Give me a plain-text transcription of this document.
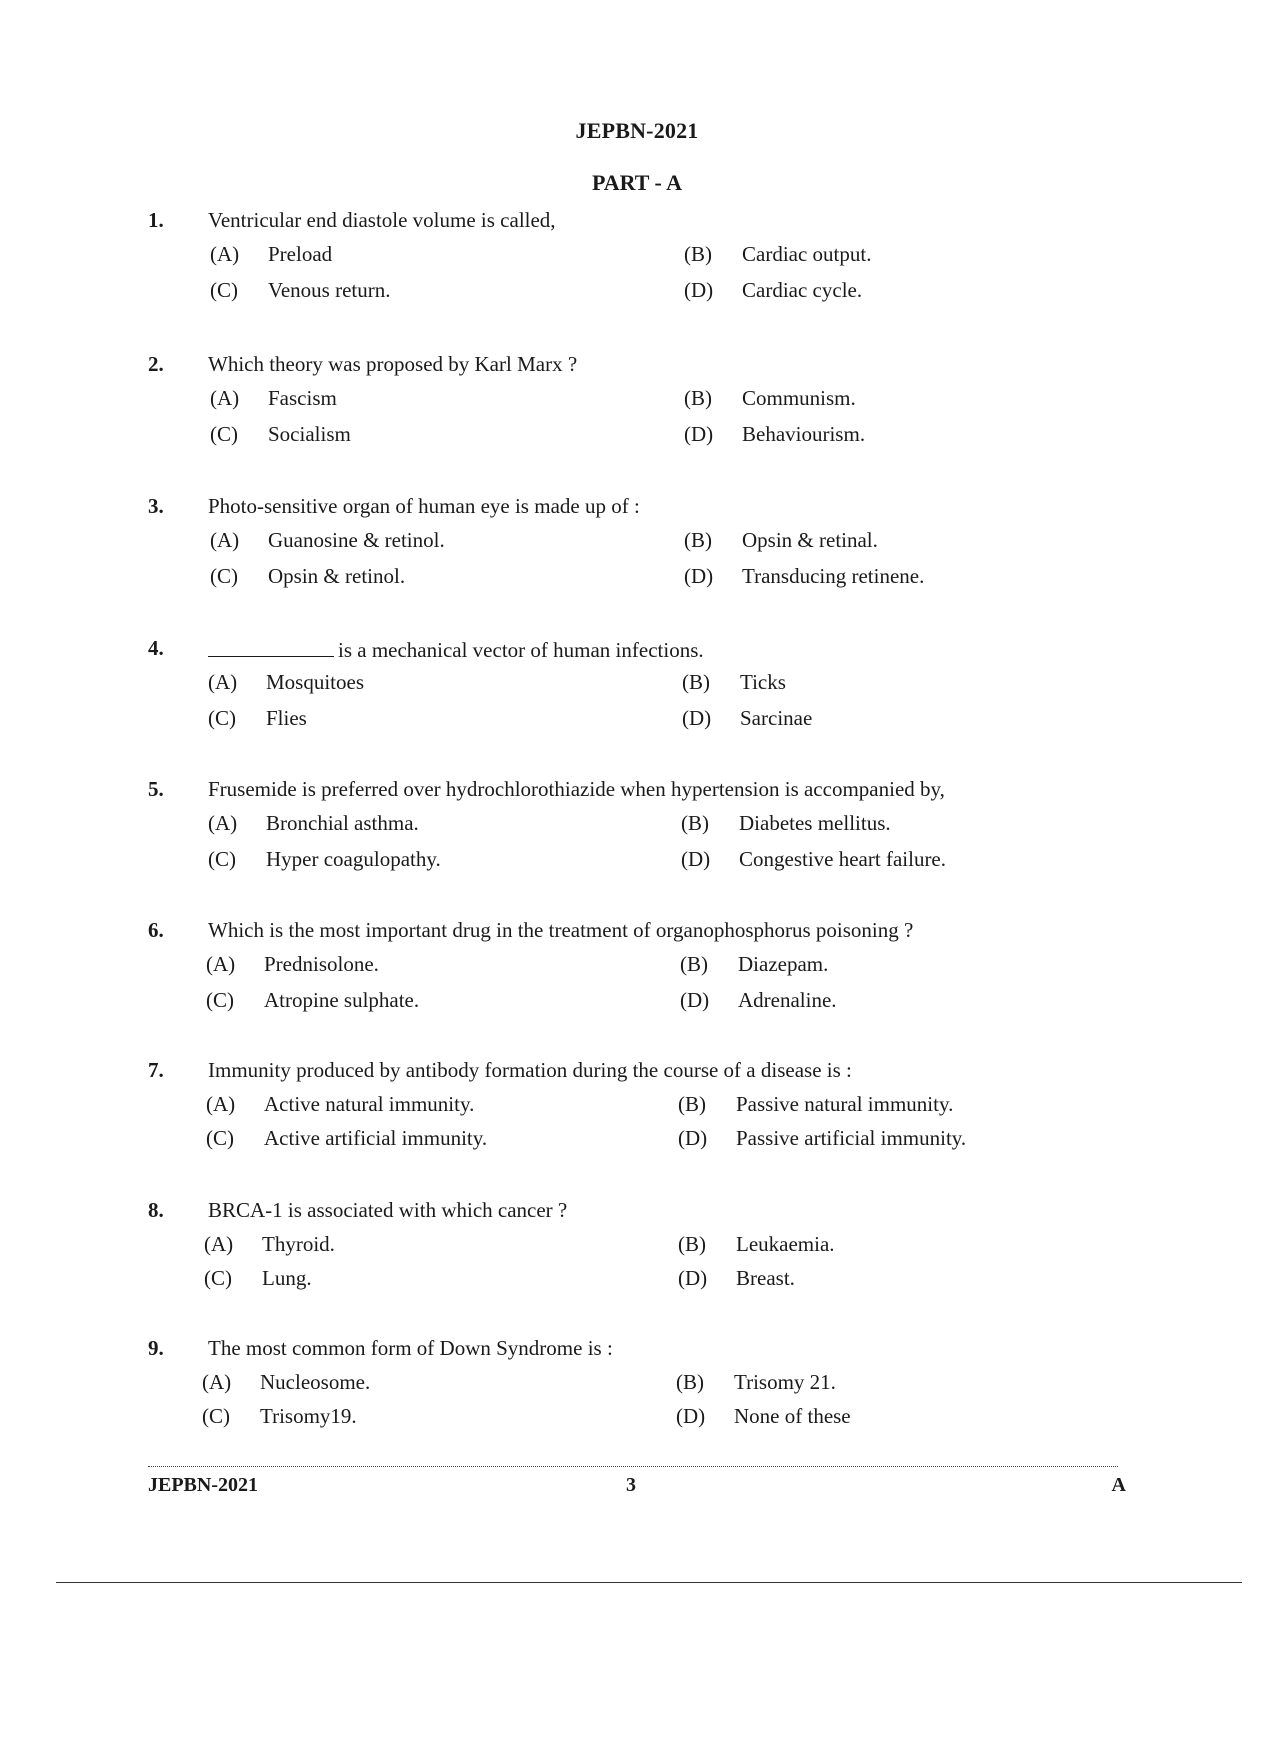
JEPBN-2021
PART - A
1. Ventricular end diastole volume is called,
(A) Preload	(B) Cardiac output.
(C) Venous return.	(D) Cardiac cycle.
2. Which theory was proposed by Karl Marx ?
(A) Fascism	(B) Communism.
(C) Socialism	(D) Behaviourism.
3. Photo-sensitive organ of human eye is made up of :
(A) Guanosine & retinol.	(B) Opsin & retinal.
(C) Opsin & retinol.	(D) Transducing retinene.
4.	is a mechanical vector of human infections.
(A) Mosquitoes	(B) Ticks
(C) Flies	(D) Sarcinae
5. Frusemide is preferred over hydrochlorothiazide when hypertension is accompanied by,
(A) Bronchial asthma.	(B) Diabetes mellitus.
(C) Hyper coagulopathy.	(D) Congestive heart failure.
6. Which is the most important drug in the treatment of organophosphorus poisoning ?
(A) Prednisolone.	(B) Diazepam.
(C) Atropine sulphate.	(D) Adrenaline.
7. Immunity produced by antibody formation during the course of a disease is :
(A) Active natural immunity.	(B) Passive natural immunity.
(C) Active artificial immunity.	(D) Passive artificial immunity.
8. BRCA-1 is associated with which cancer ?
(A) Thyroid.	(B) Leukaemia.
(C) Lung.	(D) Breast.
9. The most common form of Down Syndrome is :
(A) Nucleosome.	(B) Trisomy 21.
(C) Trisomy19.	(D) None of these
JEPBN-2021	3	A
